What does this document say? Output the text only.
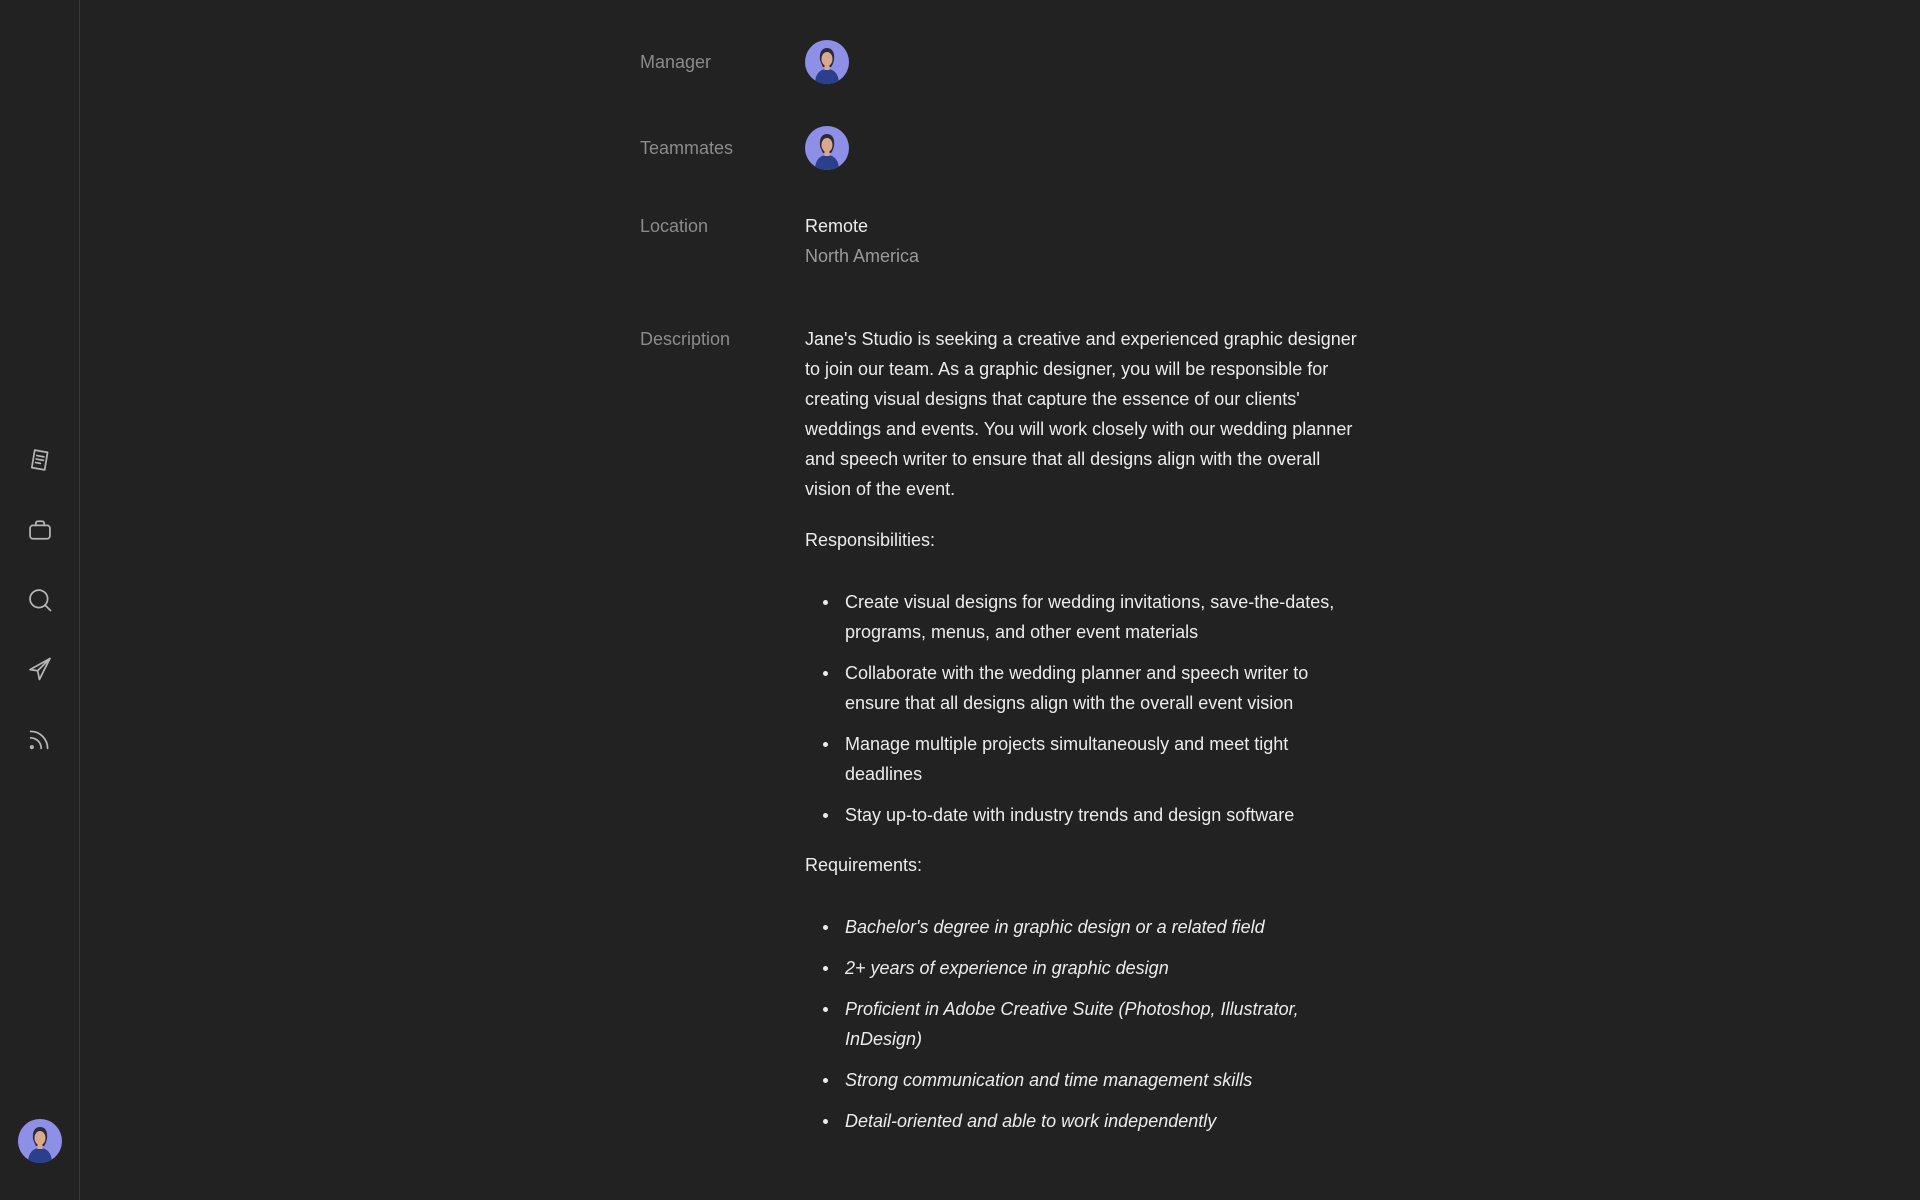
Manager
Teammates
Location	Remote
North America
Description	Jane's Studio is seeking a creative and experienced graphic designer to join our team. As a graphic designer, you will be responsible for creating visual designs that capture the essence of our clients' weddings and events. You will work closely with our wedding planner and speech writer to ensure that all designs align with the overall vision of the event.

Responsibilities:

Create visual designs for wedding invitations, save-the-dates, programs, menus, and other event materials
Collaborate with the wedding planner and speech writer to ensure that all designs align with the overall event vision
Manage multiple projects simultaneously and meet tight deadlines
Stay up-to-date with industry trends and design software

Requirements:

Bachelor's degree in graphic design or a related field
2+ years of experience in graphic design
Proficient in Adobe Creative Suite (Photoshop, Illustrator, InDesign)
Strong communication and time management skills
Detail-oriented and able to work independently
